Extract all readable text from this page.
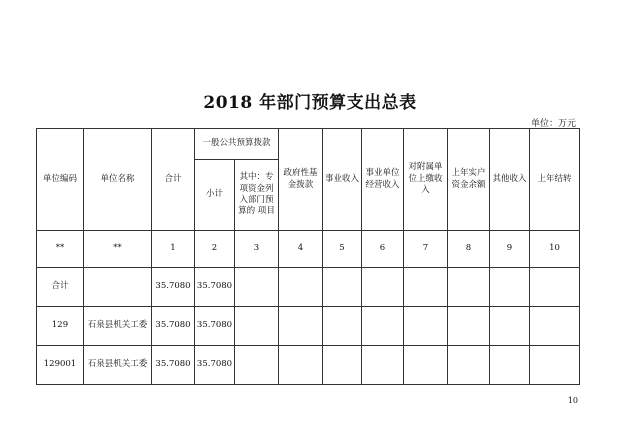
2018 年部门预算支出总表
单位：万元
单位编码	单位名称	合计	一般公共预算拨款		政府性基金拨款	事业收入	事业单位经营收入	对附属单位上缴收入	上年实户资金余额	其他收入	上年结转
			小计	其中：专项资金列入部门预算的 项目							
**	**	1	2	3	4	5	6	7	8	9	10
合计		35.7080	35.7080								
129	石泉县机关工委	35.7080	35.7080								
129001	石泉县机关工委	35.7080	35.7080								
10
